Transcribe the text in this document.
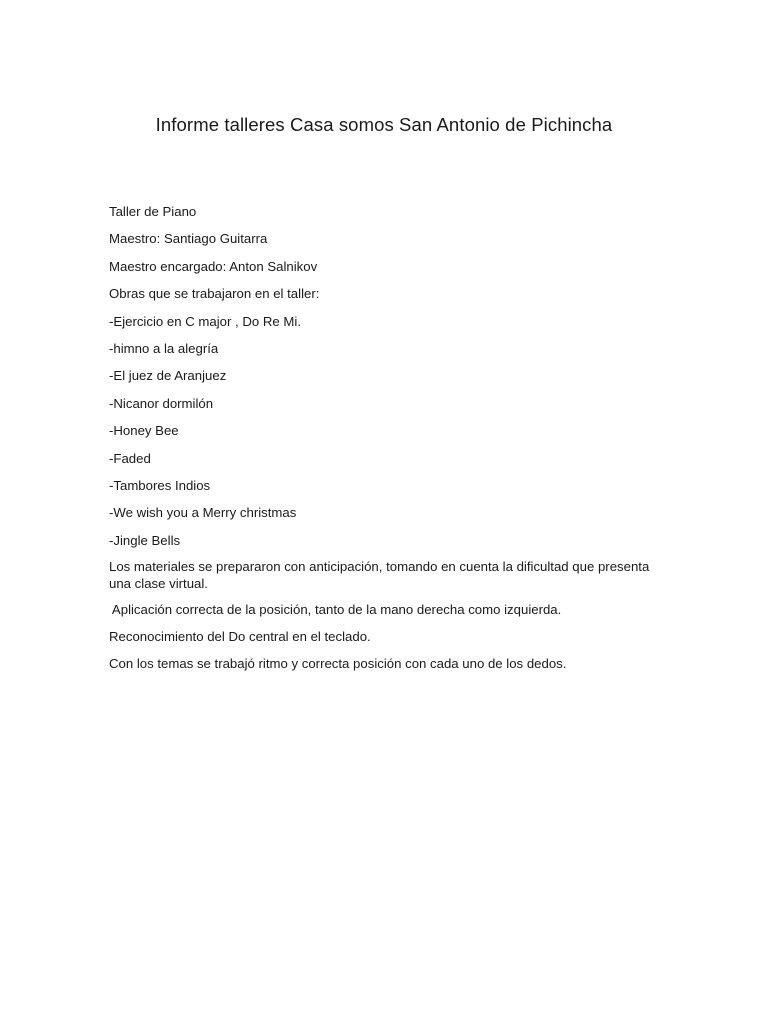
Informe talleres Casa somos San Antonio de Pichincha

Taller de Piano

Maestro: Santiago Guitarra

Maestro encargado: Anton Salnikov

Obras que se trabajaron en el taller:

-Ejercicio en C major , Do Re Mi.

-himno a la alegría

-El juez de Aranjuez

-Nicanor dormilón

-Honey Bee

-Faded

-Tambores Indios

-We wish you a Merry christmas

-Jingle Bells

Los materiales se prepararon con anticipación, tomando en cuenta la dificultad que presenta una clase virtual.

Aplicación correcta de la posición, tanto de la mano derecha como izquierda.

Reconocimiento del Do central en el teclado.

Con los temas se trabajó ritmo y correcta posición con cada uno de los dedos.
